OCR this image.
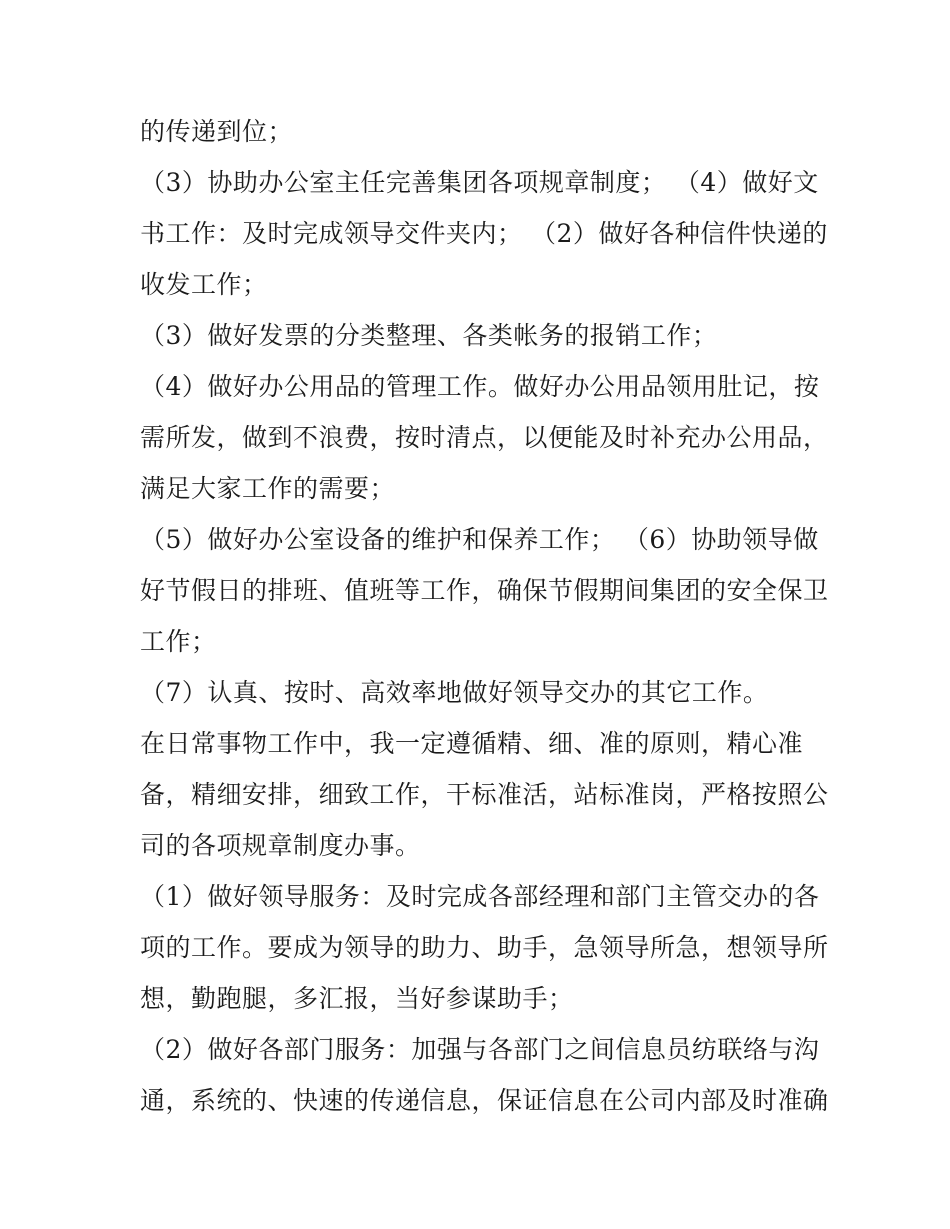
的传递到位；
（3）协助办公室主任完善集团各项规章制度； （4）做好文
书工作：及时完成领导交件夹内； （2）做好各种信件快递的
收发工作；
（3）做好发票的分类整理、各类帐务的报销工作；
（4）做好办公用品的管理工作。做好办公用品领用肚记，按
需所发，做到不浪费，按时清点，以便能及时补充办公用品，
满足大家工作的需要；
（5）做好办公室设备的维护和保养工作； （6）协助领导做
好节假日的排班、值班等工作，确保节假期间集团的安全保卫
工作；
（7）认真、按时、高效率地做好领导交办的其它工作。
在日常事物工作中，我一定遵循精、细、准的原则，精心准
备，精细安排，细致工作，干标准活，站标准岗，严格按照公
司的各项规章制度办事。
（1）做好领导服务：及时完成各部经理和部门主管交办的各
项的工作。要成为领导的助力、助手，急领导所急，想领导所
想，勤跑腿，多汇报，当好参谋助手；
（2）做好各部门服务：加强与各部门之间信息员纺联络与沟
通，系统的、快速的传递信息，保证信息在公司内部及时准确
